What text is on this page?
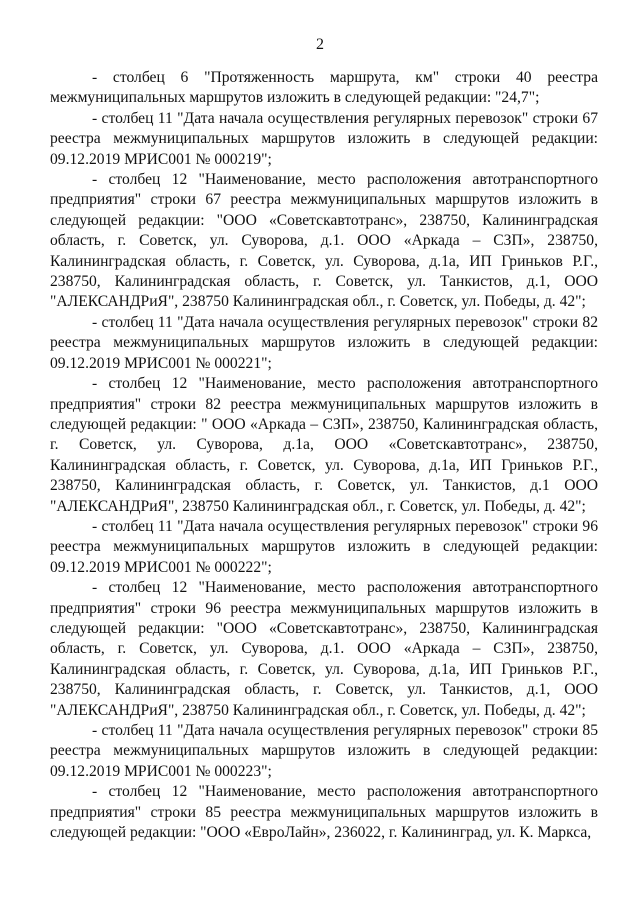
2

- столбец 6 "Протяженность маршрута, км" строки 40 реестра межмуниципальных маршрутов изложить в следующей редакции: "24,7";

- столбец 11 "Дата начала осуществления регулярных перевозок" строки 67 реестра межмуниципальных маршрутов изложить в следующей редакции: 09.12.2019 МРИС001 № 000219";

- столбец 12 "Наименование, место расположения автотранспортного предприятия" строки 67 реестра межмуниципальных маршрутов изложить в следующей редакции: "ООО «Советскавтотранс», 238750, Калининградская область, г. Советск, ул. Суворова, д.1. ООО «Аркада – СЗП», 238750, Калининградская область, г. Советск, ул. Суворова, д.1а, ИП Гриньков Р.Г., 238750, Калининградская область, г. Советск, ул. Танкистов, д.1, ООО "АЛЕКСАНДРиЯ", 238750 Калининградская обл., г. Советск, ул. Победы, д. 42";

- столбец 11 "Дата начала осуществления регулярных перевозок" строки 82 реестра межмуниципальных маршрутов изложить в следующей редакции: 09.12.2019 МРИС001 № 000221";

- столбец 12 "Наименование, место расположения автотранспортного предприятия" строки 82 реестра межмуниципальных маршрутов изложить в следующей редакции: " ООО «Аркада – СЗП», 238750, Калининградская область, г. Советск, ул. Суворова, д.1а, ООО «Советскавтотранс», 238750, Калининградская область, г. Советск, ул. Суворова, д.1а, ИП Гриньков Р.Г., 238750, Калининградская область, г. Советск, ул. Танкистов, д.1 ООО "АЛЕКСАНДРиЯ", 238750 Калининградская обл., г. Советск, ул. Победы, д. 42";

- столбец 11 "Дата начала осуществления регулярных перевозок" строки 96 реестра межмуниципальных маршрутов изложить в следующей редакции: 09.12.2019 МРИС001 № 000222";

- столбец 12 "Наименование, место расположения автотранспортного предприятия" строки 96 реестра межмуниципальных маршрутов изложить в следующей редакции: "ООО «Советскавтотранс», 238750, Калининградская область, г. Советск, ул. Суворова, д.1. ООО «Аркада – СЗП», 238750, Калининградская область, г. Советск, ул. Суворова, д.1а, ИП Гриньков Р.Г., 238750, Калининградская область, г. Советск, ул. Танкистов, д.1, ООО "АЛЕКСАНДРиЯ", 238750 Калининградская обл., г. Советск, ул. Победы, д. 42";

- столбец 11 "Дата начала осуществления регулярных перевозок" строки 85 реестра межмуниципальных маршрутов изложить в следующей редакции: 09.12.2019 МРИС001 № 000223";

- столбец 12 "Наименование, место расположения автотранспортного предприятия" строки 85 реестра межмуниципальных маршрутов изложить в следующей редакции: "ООО «ЕвроЛайн», 236022, г. Калининград, ул. К. Маркса,
